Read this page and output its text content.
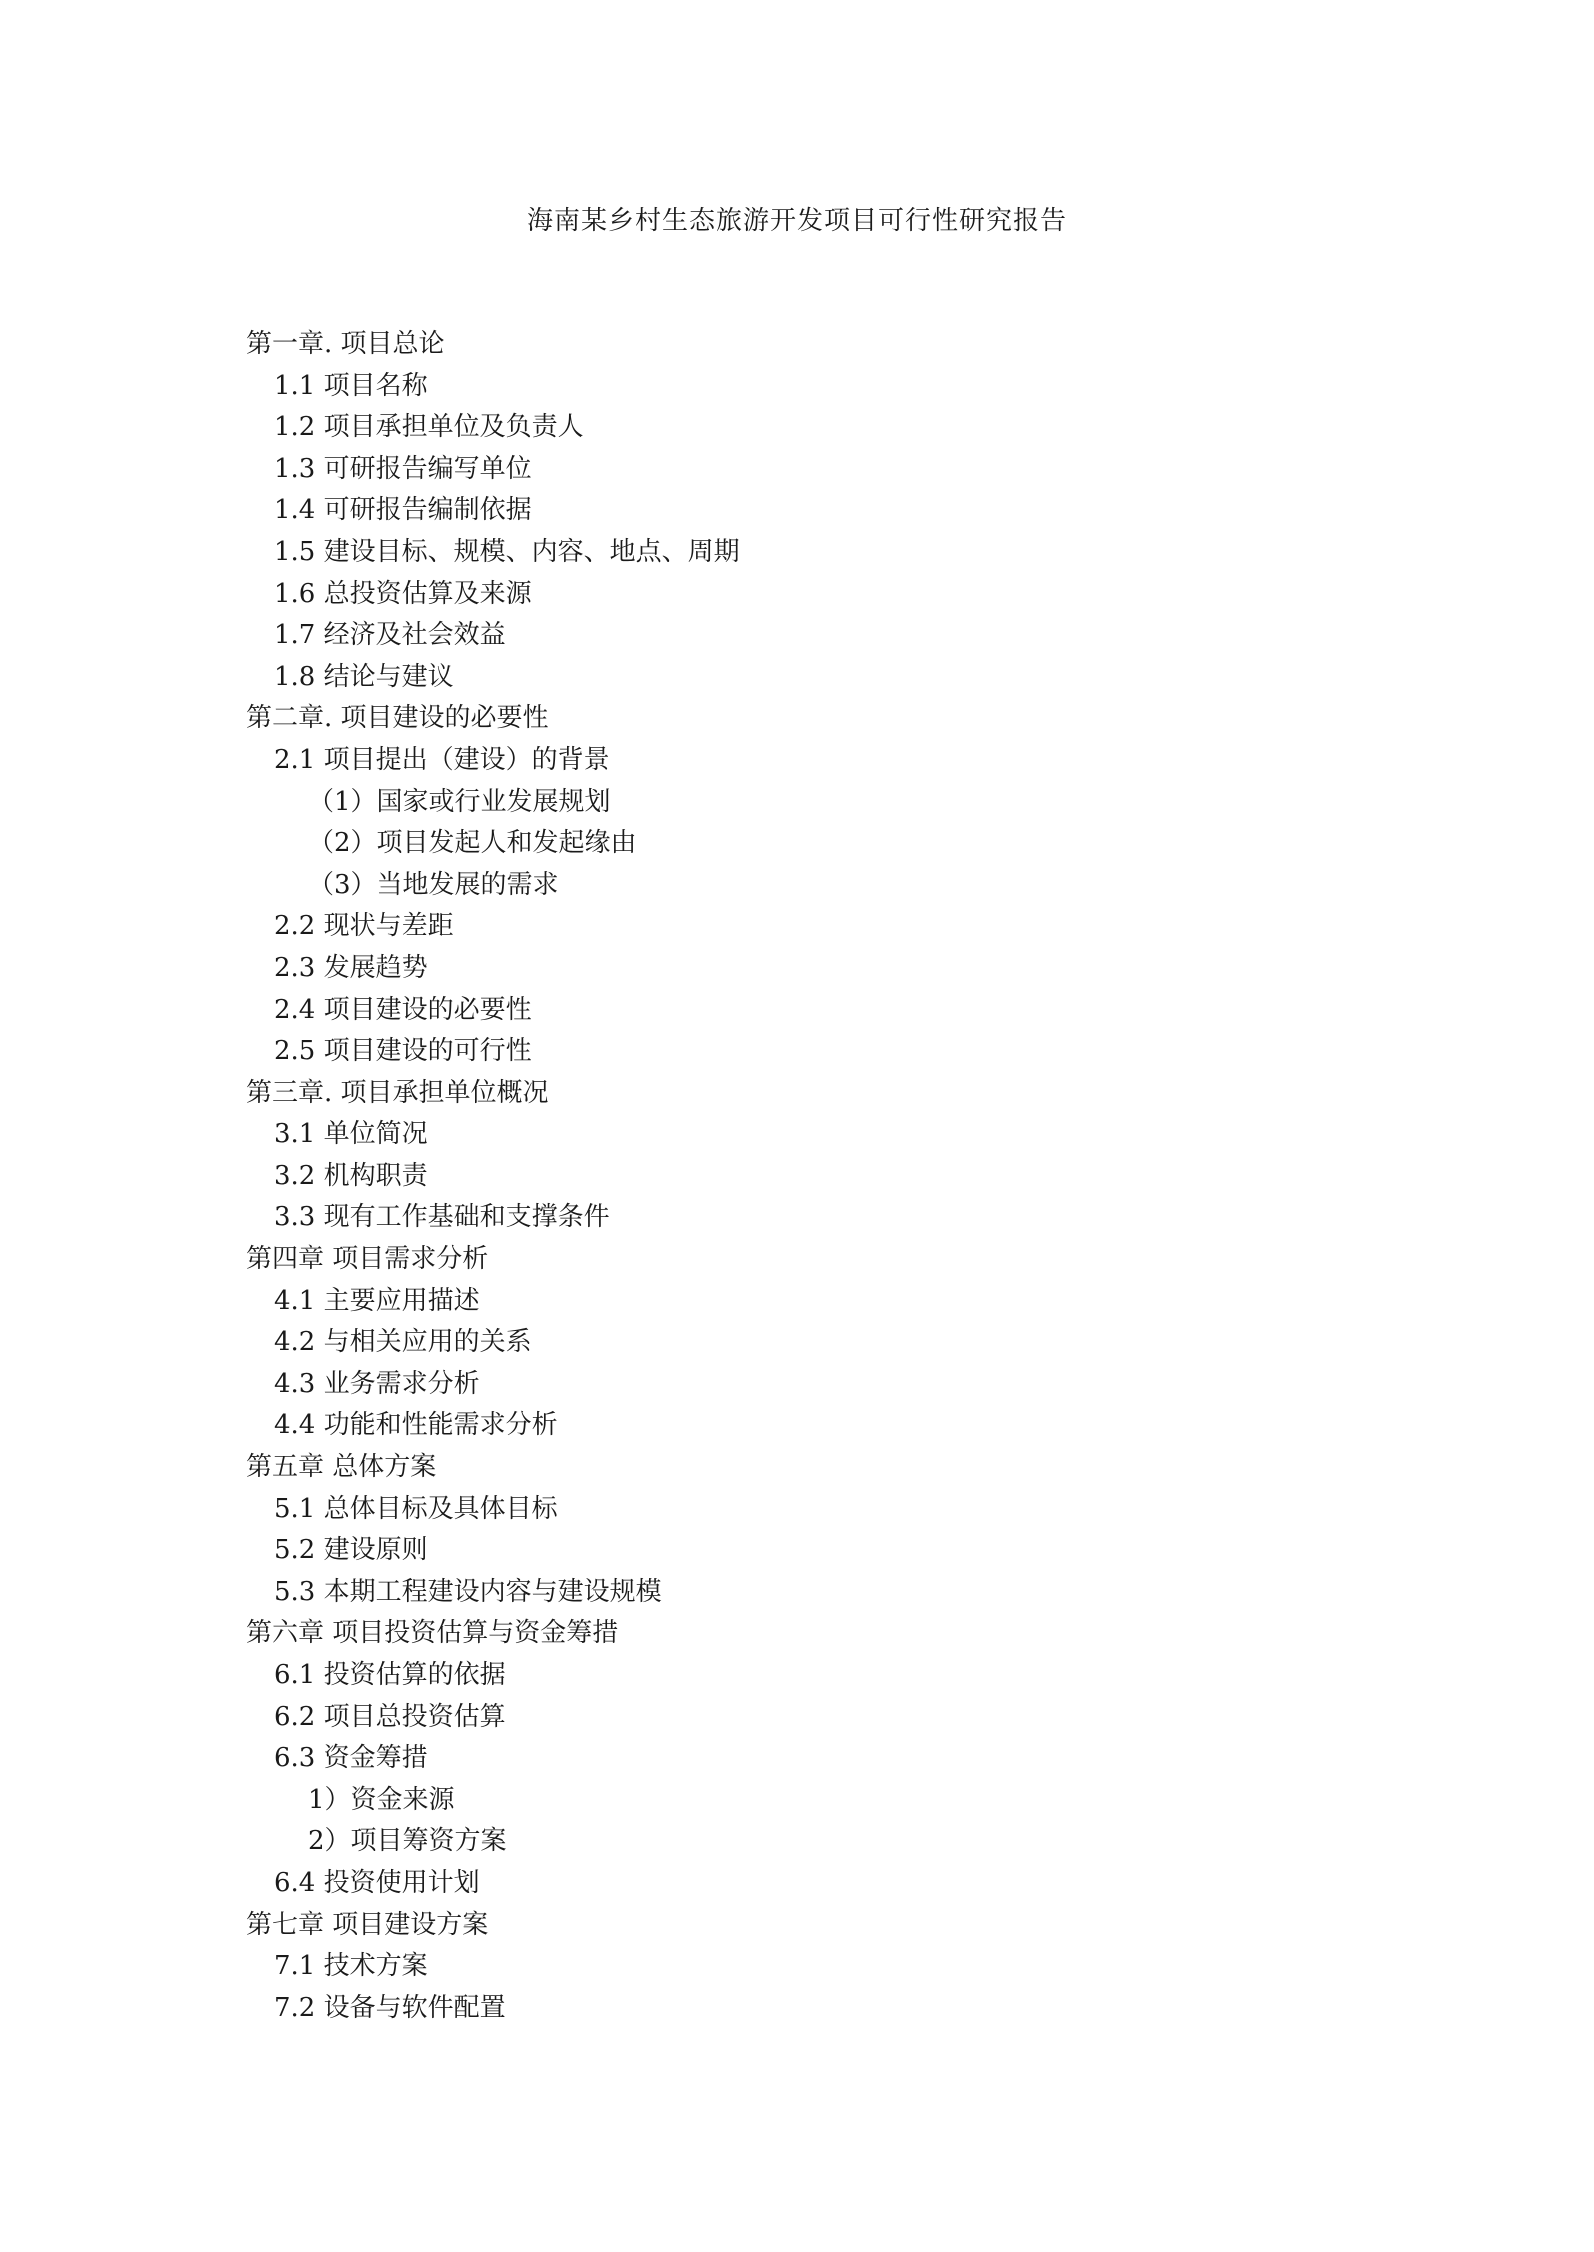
海南某乡村生态旅游开发项目可行性研究报告
第一章. 项目总论
1.1 项目名称
1.2 项目承担单位及负责人
1.3 可研报告编写单位
1.4 可研报告编制依据
1.5 建设目标、规模、内容、地点、周期
1.6 总投资估算及来源
1.7 经济及社会效益
1.8 结论与建议
第二章. 项目建设的必要性
2.1 项目提出（建设）的背景
（1）国家或行业发展规划
（2）项目发起人和发起缘由
（3）当地发展的需求
2.2 现状与差距
2.3 发展趋势
2.4 项目建设的必要性
2.5 项目建设的可行性
第三章. 项目承担单位概况
3.1 单位简况
3.2 机构职责
3.3 现有工作基础和支撑条件
第四章 项目需求分析
4.1 主要应用描述
4.2 与相关应用的关系
4.3 业务需求分析
4.4 功能和性能需求分析
第五章 总体方案
5.1 总体目标及具体目标
5.2 建设原则
5.3 本期工程建设内容与建设规模
第六章 项目投资估算与资金筹措
6.1 投资估算的依据
6.2 项目总投资估算
6.3 资金筹措
1）资金来源
2）项目筹资方案
6.4 投资使用计划
第七章 项目建设方案
7.1 技术方案
7.2 设备与软件配置
